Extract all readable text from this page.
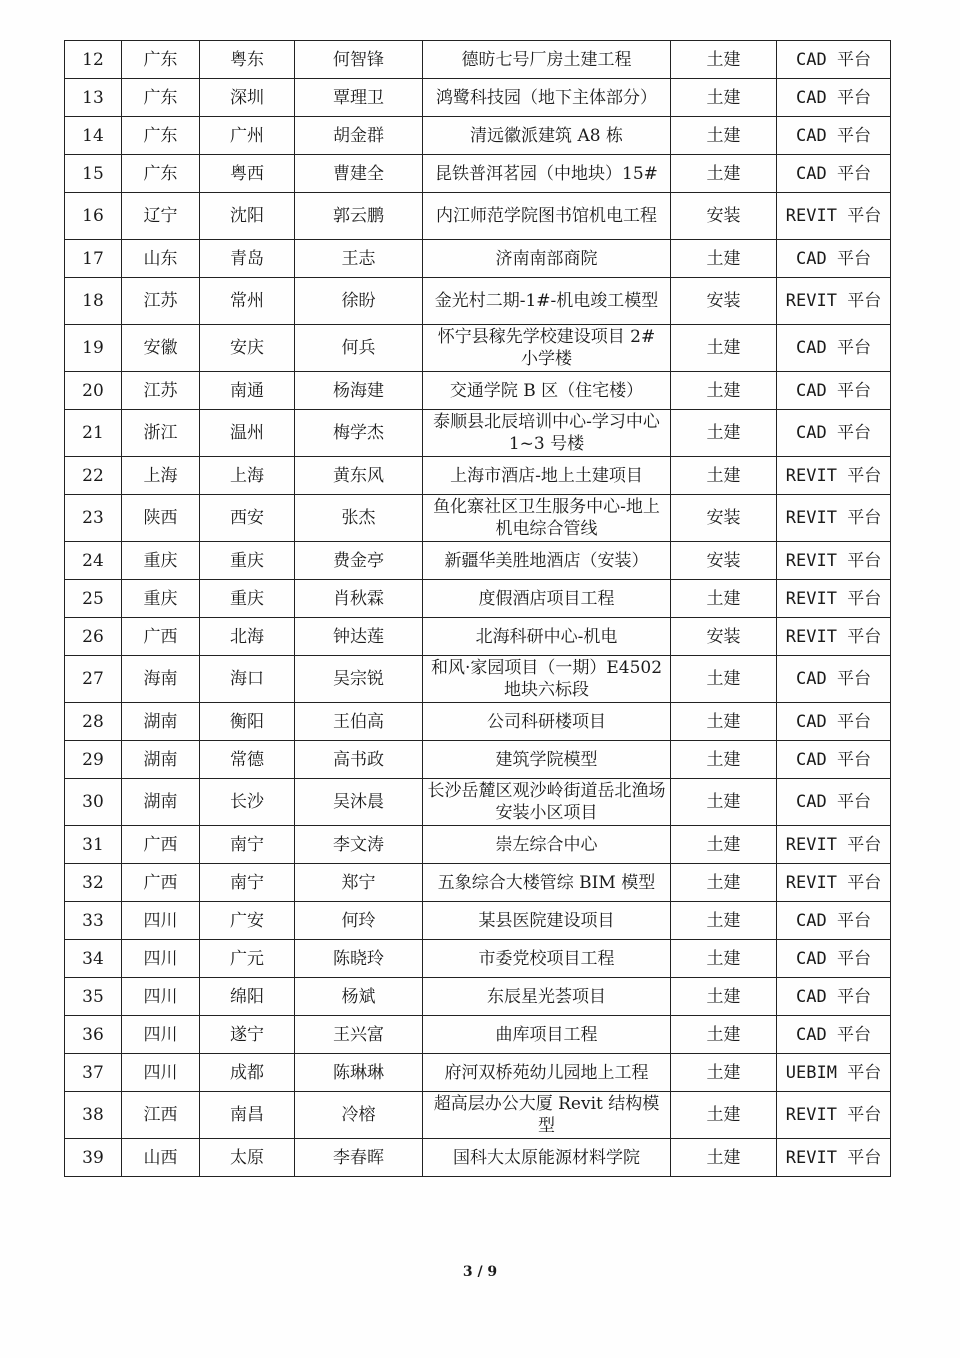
12	广东	粤东	何智锋	德昉七号厂房土建工程	土建	CAD 平台
13	广东	深圳	覃理卫	鸿鹭科技园（地下主体部分）	土建	CAD 平台
14	广东	广州	胡金群	清远徽派建筑 A8 栋	土建	CAD 平台
15	广东	粤西	曹建全	昆铁普洱茗园（中地块）15#	土建	CAD 平台
16	辽宁	沈阳	郭云鹏	内江师范学院图书馆机电工程	安装	REVIT 平台
17	山东	青岛	王志	济南南部商院	土建	CAD 平台
18	江苏	常州	徐盼	金光村二期-1#-机电竣工模型	安装	REVIT 平台
19	安徽	安庆	何兵	怀宁县稼先学校建设项目 2# 小学楼	土建	CAD 平台
20	江苏	南通	杨海建	交通学院 B 区（住宅楼）	土建	CAD 平台
21	浙江	温州	梅学杰	泰顺县北辰培训中心-学习中心 1~3 号楼	土建	CAD 平台
22	上海	上海	黄东风	上海市酒店-地上土建项目	土建	REVIT 平台
23	陕西	西安	张杰	鱼化寨社区卫生服务中心-地上机电综合管线	安装	REVIT 平台
24	重庆	重庆	费金亭	新疆华美胜地酒店（安装）	安装	REVIT 平台
25	重庆	重庆	肖秋霖	度假酒店项目工程	土建	REVIT 平台
26	广西	北海	钟达莲	北海科研中心-机电	安装	REVIT 平台
27	海南	海口	吴宗锐	和风·家园项目（一期）E4502 地块六标段	土建	CAD 平台
28	湖南	衡阳	王伯高	公司科研楼项目	土建	CAD 平台
29	湖南	常德	高书政	建筑学院模型	土建	CAD 平台
30	湖南	长沙	吴沐晨	长沙岳麓区观沙岭街道岳北渔场安装小区项目	土建	CAD 平台
31	广西	南宁	李文涛	崇左综合中心	土建	REVIT 平台
32	广西	南宁	郑宁	五象综合大楼管综 BIM 模型	土建	REVIT 平台
33	四川	广安	何玲	某县医院建设项目	土建	CAD 平台
34	四川	广元	陈晓玲	市委党校项目工程	土建	CAD 平台
35	四川	绵阳	杨斌	东辰星光荟项目	土建	CAD 平台
36	四川	遂宁	王兴富	曲库项目工程	土建	CAD 平台
37	四川	成都	陈琳琳	府河双桥苑幼儿园地上工程	土建	UEBIM 平台
38	江西	南昌	冷榕	超高层办公大厦 Revit 结构模型	土建	REVIT 平台
39	山西	太原	李春晖	国科大太原能源材料学院	土建	REVIT 平台
3 / 9
